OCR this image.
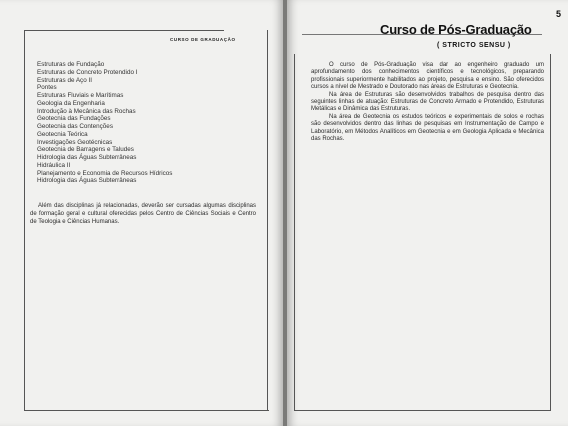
CURSO DE GRADUAÇÃO
Estruturas de Fundação
Estruturas de Concreto Protendido I
Estruturas de Aço II
Pontes
Estruturas Fluviais e Marítimas
Geologia da Engenharia
Introdução à Mecânica das Rochas
Geotecnia das Fundações
Geotecnia das Contenções
Geotecnia Teórica
Investigações Geotécnicas
Geotecnia de Barragens e Taludes
Hidrologia das Águas Subterrâneas
Hidráulica II
Planejamento e Economia de Recursos Hídricos
Hidrologia das Águas Subterrâneas

Além das disciplinas já relacionadas, deverão ser cursadas algumas disciplinas de formação geral e cultural oferecidas pelos Centro de Ciências Sociais e Centro de Teologia e Ciências Humanas.

5
Curso de Pós-Graduação
( STRICTO SENSU )

O curso de Pós-Graduação visa dar ao engenheiro graduado um aprofundamento dos conhecimentos científicos e tecnológicos, preparando profissionais superiormente habilitados ao projeto, pesquisa e ensino. São oferecidos cursos a nível de Mestrado e Doutorado nas áreas de Estruturas e Geotecnia.

Na área de Estruturas são desenvolvidos trabalhos de pesquisa dentro das seguintes linhas de atuação: Estruturas de Concreto Armado e Protendido, Estruturas Metálicas e Dinâmica das Estruturas.

Na área de Geotecnia os estudos teóricos e experimentais de solos e rochas são desenvolvidos dentro das linhas de pesquisas em Instrumentação de Campo e Laboratório, em Métodos Analíticos em Geotecnia e em Geologia Aplicada e Mecânica das Rochas.
